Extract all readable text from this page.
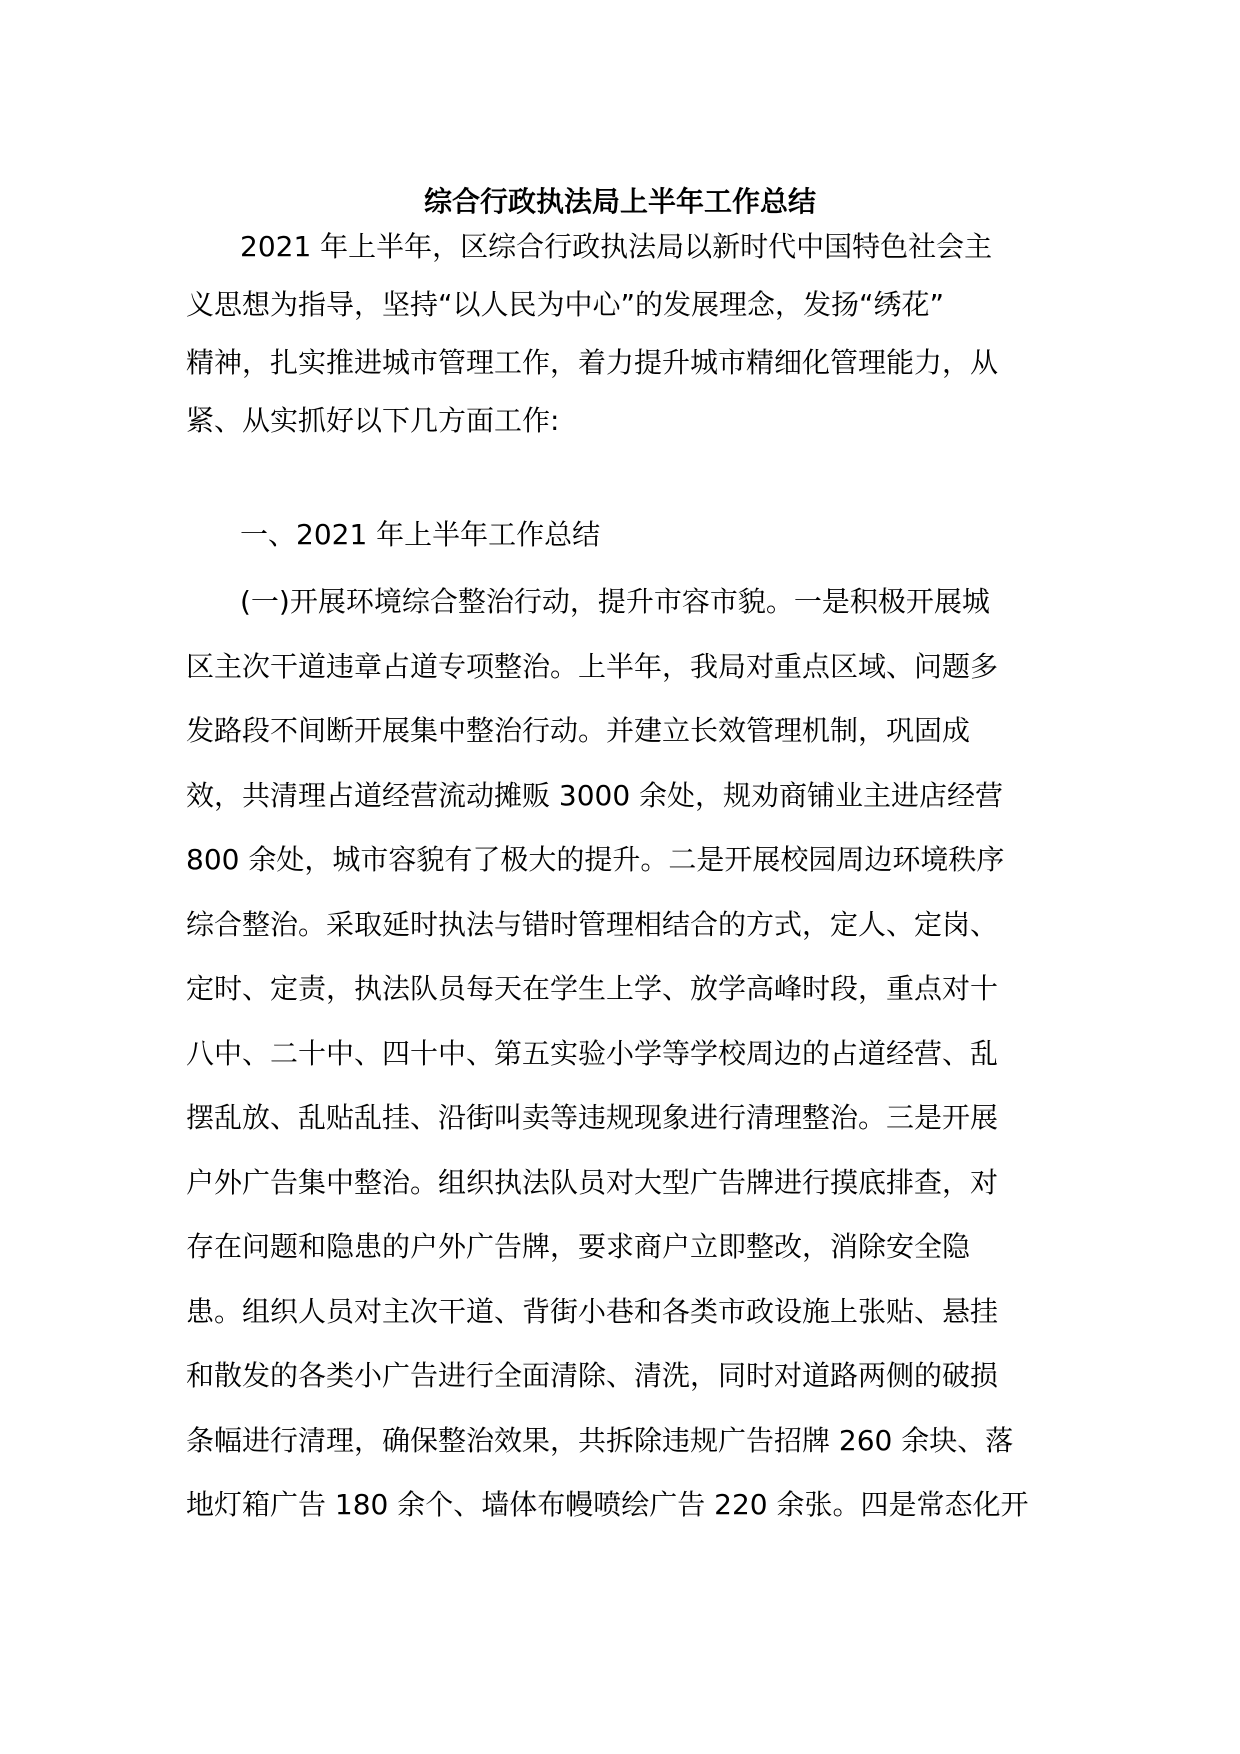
综合行政执法局上半年工作总结
2021 年上半年，区综合行政执法局以新时代中国特色社会主
义思想为指导，坚持“以人民为中心”的发展理念，发扬“绣花”
精神，扎实推进城市管理工作，着力提升城市精细化管理能力，从
紧、从实抓好以下几方面工作:
一、2021 年上半年工作总结
(一)开展环境综合整治行动，提升市容市貌。一是积极开展城
区主次干道违章占道专项整治。上半年，我局对重点区域、问题多
发路段不间断开展集中整治行动。并建立长效管理机制，巩固成
效，共清理占道经营流动摊贩 3000 余处，规劝商铺业主进店经营
800 余处，城市容貌有了极大的提升。二是开展校园周边环境秩序
综合整治。采取延时执法与错时管理相结合的方式，定人、定岗、
定时、定责，执法队员每天在学生上学、放学高峰时段，重点对十
八中、二十中、四十中、第五实验小学等学校周边的占道经营、乱
摆乱放、乱贴乱挂、沿街叫卖等违规现象进行清理整治。三是开展
户外广告集中整治。组织执法队员对大型广告牌进行摸底排查，对
存在问题和隐患的户外广告牌，要求商户立即整改，消除安全隐
患。组织人员对主次干道、背街小巷和各类市政设施上张贴、悬挂
和散发的各类小广告进行全面清除、清洗，同时对道路两侧的破损
条幅进行清理，确保整治效果，共拆除违规广告招牌 260 余块、落
地灯箱广告 180 余个、墙体布幔喷绘广告 220 余张。四是常态化开
